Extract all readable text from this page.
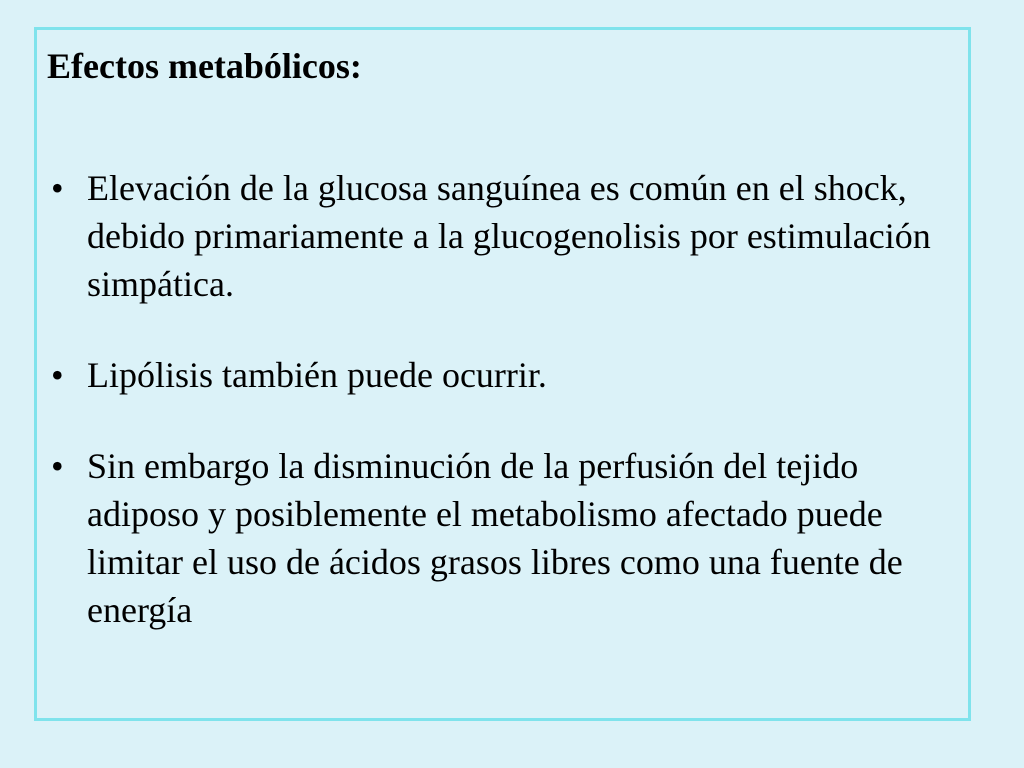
Efectos metabólicos:
• Elevación de la glucosa sanguínea es común en el shock, debido primariamente a la glucogenolisis por estimulación simpática.
• Lipólisis también puede ocurrir.
• Sin embargo la disminución de la perfusión del tejido adiposo y posiblemente el metabolismo afectado puede limitar el uso de ácidos grasos libres como una fuente de energía
